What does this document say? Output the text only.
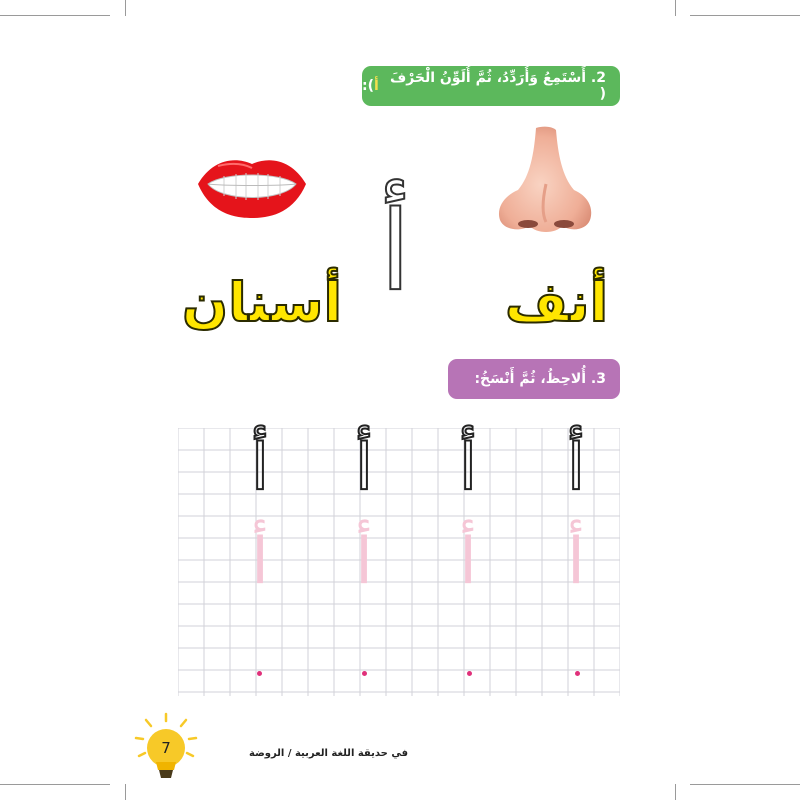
2. أَسْتَمِعُ وَأُرَدِّدُ، ثُمَّ أُلَوِّنُ الْحَرْفَ (
أ
):
أ أنف
أسنان
3. أُلاحِظُ، ثُمَّ أَنْسَخُ:
أ أ أ أ
أ أ أ أ
7	في حديقة اللغة العربية / الروضة
